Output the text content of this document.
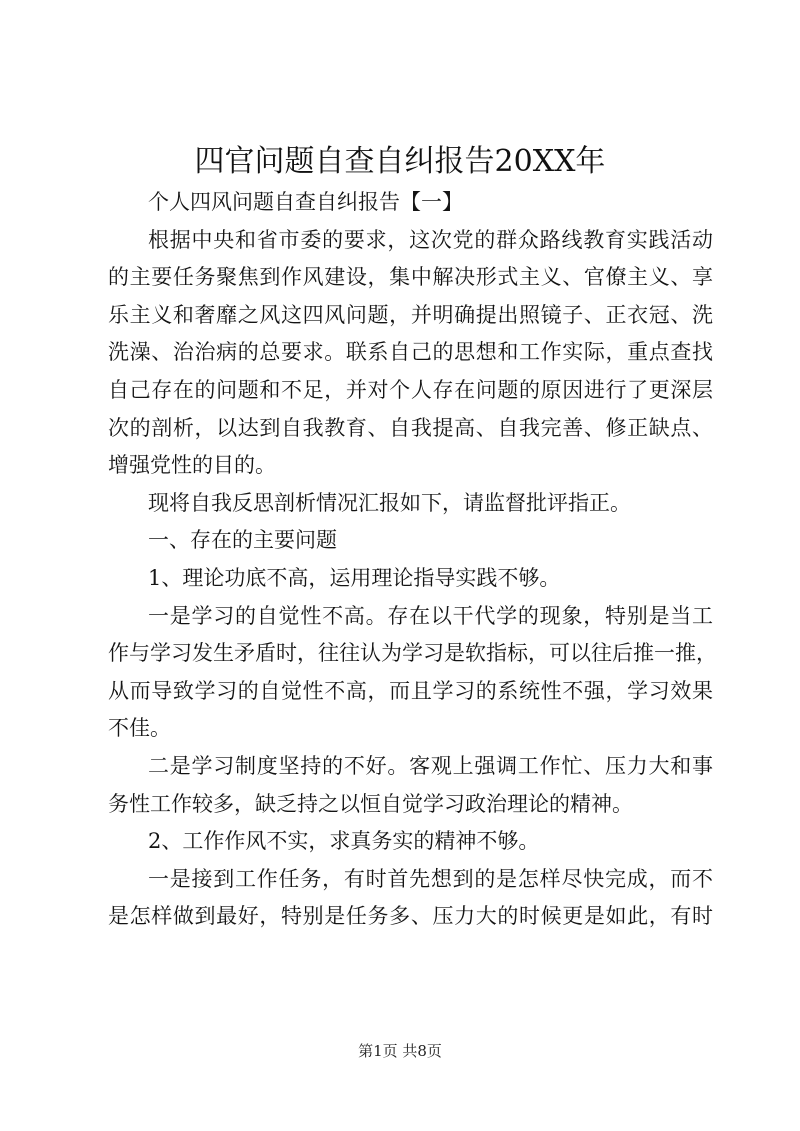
四官问题自查自纠报告20XX年
个人四风问题自查自纠报告【一】
根据中央和省市委的要求，这次党的群众路线教育实践活动
的主要任务聚焦到作风建设，集中解决形式主义、官僚主义、享
乐主义和奢靡之风这四风问题，并明确提出照镜子、正衣冠、洗
洗澡、治治病的总要求。联系自己的思想和工作实际，重点查找
自己存在的问题和不足，并对个人存在问题的原因进行了更深层
次的剖析，以达到自我教育、自我提高、自我完善、修正缺点、
增强党性的目的。
现将自我反思剖析情况汇报如下，请监督批评指正。
一、存在的主要问题
1、理论功底不高，运用理论指导实践不够。
一是学习的自觉性不高。存在以干代学的现象，特别是当工
作与学习发生矛盾时，往往认为学习是软指标，可以往后推一推，
从而导致学习的自觉性不高，而且学习的系统性不强，学习效果
不佳。
二是学习制度坚持的不好。客观上强调工作忙、压力大和事
务性工作较多，缺乏持之以恒自觉学习政治理论的精神。
2、工作作风不实，求真务实的精神不够。
一是接到工作任务，有时首先想到的是怎样尽快完成，而不
是怎样做到最好，特别是任务多、压力大的时候更是如此，有时
第1页 共8页
